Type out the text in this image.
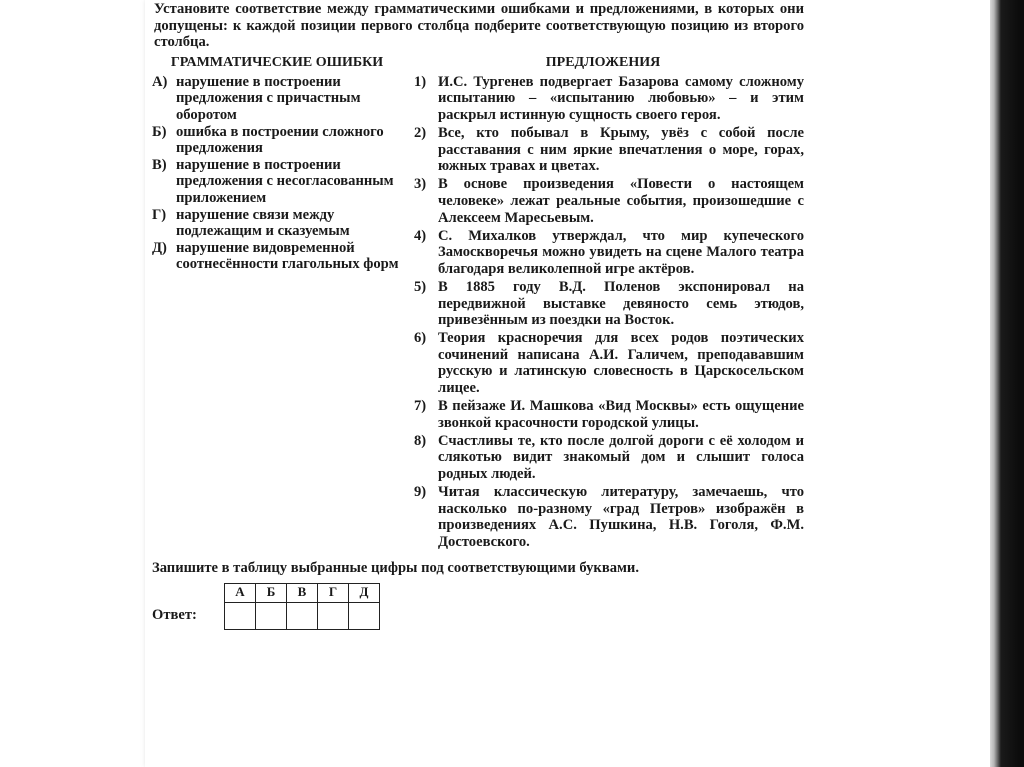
Установите соответствие между грамматическими ошибками и предложениями, в которых они допущены: к каждой позиции первого столбца подберите соответствующую позицию из второго столбца.
ГРАММАТИЧЕСКИЕ ОШИБКИ	ПРЕДЛОЖЕНИЯ
А) нарушение в построении предложения с причастным оборотом
Б) ошибка в построении сложного предложения
В) нарушение в построении предложения с несогласованным приложением
Г) нарушение связи между подлежащим и сказуемым
Д) нарушение видовременной соотнесённости глагольных форм
1) И.С. Тургенев подвергает Базарова самому сложному испытанию – «испытанию любовью» – и этим раскрыл истинную сущность своего героя.
2) Все, кто побывал в Крыму, увёз с собой после расставания с ним яркие впечатления о море, горах, южных травах и цветах.
3) В основе произведения «Повести о настоящем человеке» лежат реальные события, произошедшие с Алексеем Маресьевым.
4) С. Михалков утверждал, что мир купеческого Замоскворечья можно увидеть на сцене Малого театра благодаря великолепной игре актёров.
5) В 1885 году В.Д. Поленов экспонировал на передвижной выставке девяносто семь этюдов, привезённым из поездки на Восток.
6) Теория красноречия для всех родов поэтических сочинений написана А.И. Галичем, преподававшим русскую и латинскую словесность в Царскосельском лицее.
7) В пейзаже И. Машкова «Вид Москвы» есть ощущение звонкой красочности городской улицы.
8) Счастливы те, кто после долгой дороги с её холодом и слякотью видит знакомый дом и слышит голоса родных людей.
9) Читая классическую литературу, замечаешь, что насколько по-разному «град Петров» изображён в произведениях А.С. Пушкина, Н.В. Гоголя, Ф.М. Достоевского.
Запишите в таблицу выбранные цифры под соответствующими буквами.
Ответ:
А	Б	В	Г	Д
